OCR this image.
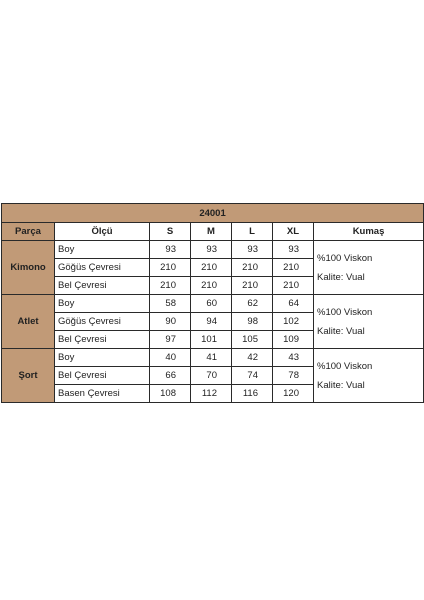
24001						
Parça	Ölçü	S	M	L	XL	Kumaş
Kimono	Boy	93	93	93	93	%100 Viskon
Kalite: Vual

	Göğüs Çevresi	210	210	210	210	
	Bel Çevresi	210	210	210	210	
Atlet	Boy	58	60	62	64	%100 Viskon
Kalite: Vual

	Göğüs Çevresi	90	94	98	102	
	Bel Çevresi	97	101	105	109	
Şort	Boy	40	41	42	43	%100 Viskon
Kalite: Vual

	Bel Çevresi	66	70	74	78	
	Basen Çevresi	108	112	116	120	
